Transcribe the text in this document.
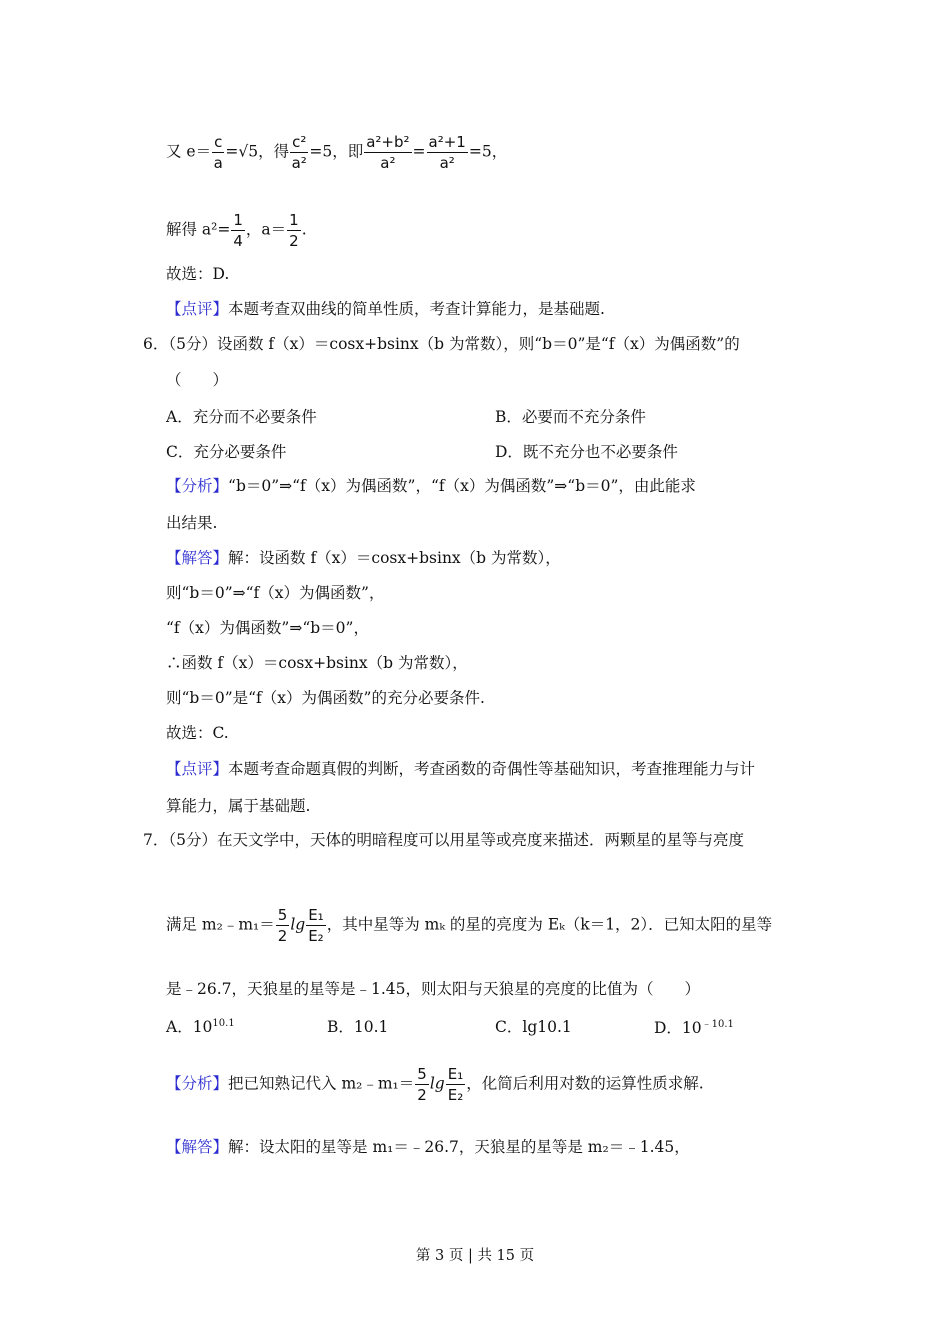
又 $e= \frac{c}{a} =√5$，得 $\frac{\text{c²}}{\text{a²}} =5$，即 $\frac{\text{a²+b²}}{\text{a²}} = \frac{\text{a²+1}}{\text{a²}} =5$，
解得 $a^2= \frac{1}{4}$ ，$a= \frac{1}{2}$ .
故选：D.
【点评】本题考查双曲线的简单性质，考查计算能力，是基础题.
6．（5分）设函数 f（x）＝cosx+bsinx（b 为常数），则“b＝0”是“f（x）为偶函数”的
（　　）
A．充分而不必要条件	B．必要而不充分条件
C．充分必要条件	D．既不充分也不必要条件
【分析】“b＝0”⇒“f（x）为偶函数”，“f（x）为偶函数”⇒“b＝0”，由此能求
出结果.
【解答】解：设函数 f（x）＝cosx+bsinx（b 为常数），
则“b＝0”⇒“f（x）为偶函数”，
“f（x）为偶函数”⇒“b＝0”，
∴函数 f（x）＝cosx+bsinx（b 为常数），
则“b＝0”是“f（x）为偶函数”的充分必要条件.
故选：C.
【点评】本题考查命题真假的判断，考查函数的奇偶性等基础知识，考查推理能力与计
算能力，属于基础题.
7．（5分）在天文学中，天体的明暗程度可以用星等或亮度来描述．两颗星的星等与亮度
满足 m₂﹣m₁＝ $\frac{5}{2}$ $\lg \frac{\text{E₁}}{\text{E₂}}$ ，其中星等为 mₖ 的星的亮度为 Eₖ（k＝1，2）．已知太阳的星等
是﹣26.7，天狼星的星等是﹣1.45，则太阳与天狼星的亮度的比值为（　　）
A．$10^{10.1}$	B．10.1	C．lg10.1	D．$10^{﹣10.1}$
【分析】把已知熟记代入 m₂﹣m₁＝ $\frac{5}{2}$ $\lg \frac{\text{E₁}}{\text{E₂}}$ ，化简后利用对数的运算性质求解.
【解答】解：设太阳的星等是 m₁＝﹣26.7，天狼星的星等是 m₂＝﹣1.45，
第 3 页 | 共 15 页
